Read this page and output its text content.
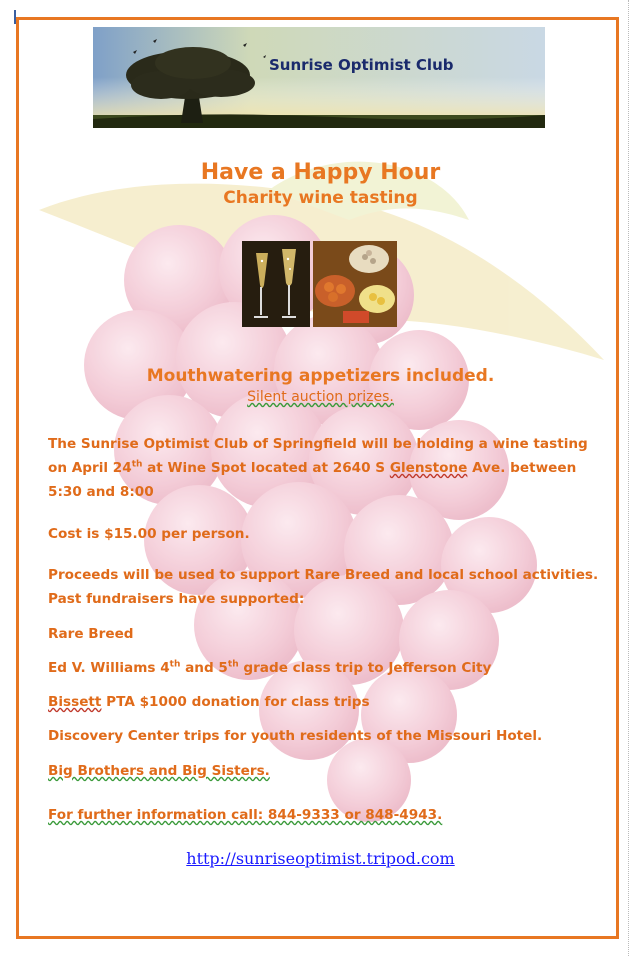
Sunrise Optimist Club
Have a Happy Hour
Charity wine tasting
Mouthwatering appetizers included.
Silent auction prizes.
The Sunrise Optimist Club of Springfield will be holding a wine tasting on April 24th at Wine Spot located at 2640 S Glenstone Ave. between 5:30 and 8:00
Cost is $15.00 per person.
Proceeds will be used to support Rare Breed and local school activities. Past fundraisers have supported:
Rare Breed
Ed V. Williams 4th and 5th grade class trip to Jefferson City
Bissett PTA $1000 donation for class trips
Discovery Center trips for youth residents of the Missouri Hotel.
Big Brothers and Big Sisters.
For further information call: 844-9333 or 848-4943.
http://sunriseoptimist.tripod.com
